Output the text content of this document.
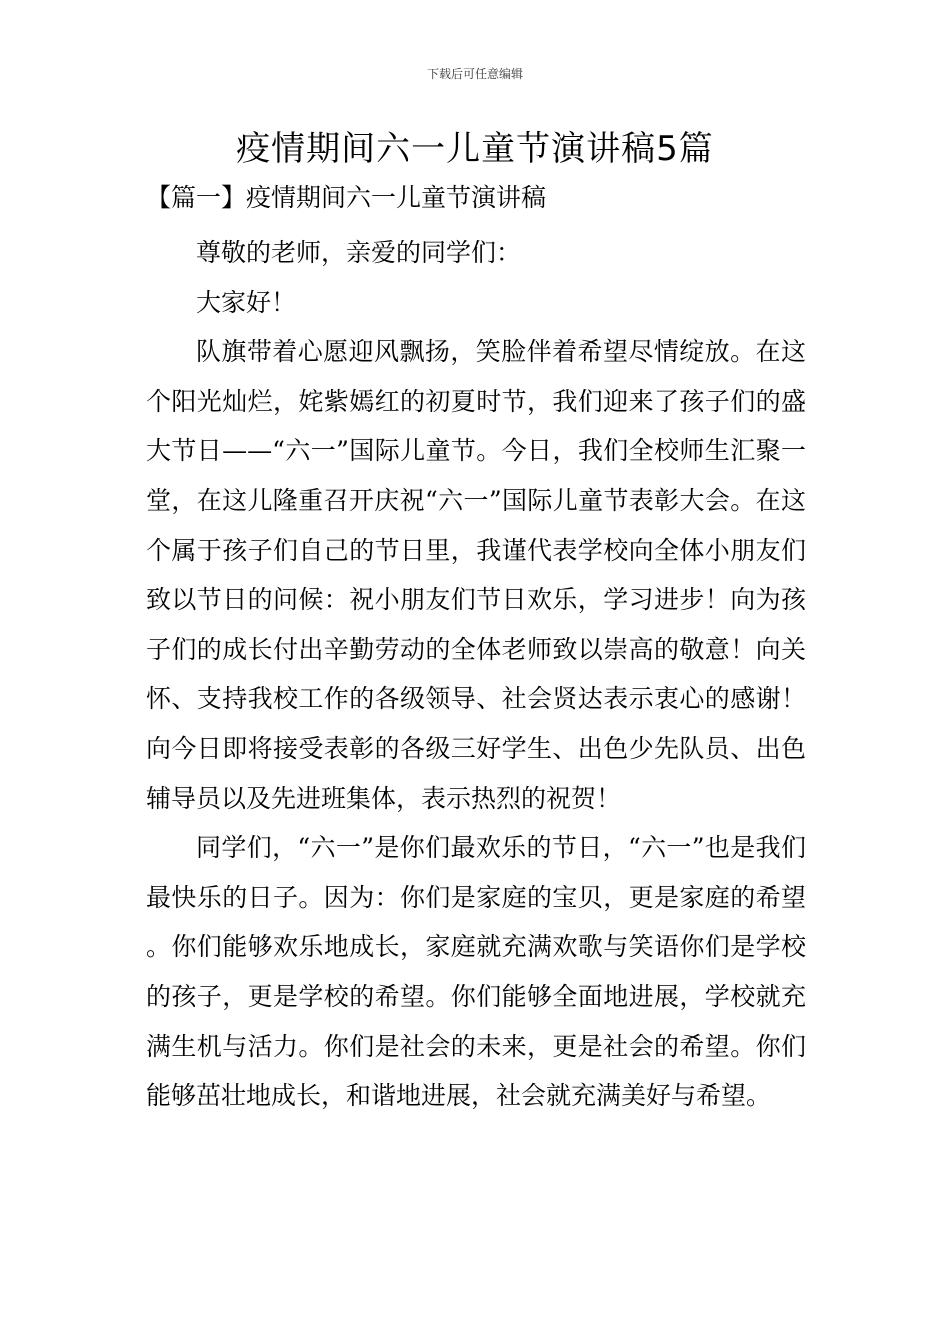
下载后可任意编辑
疫情期间六一儿童节演讲稿5篇
【篇一】疫情期间六一儿童节演讲稿

尊敬的老师，亲爱的同学们：

大家好！

队旗带着心愿迎风飘扬，笑脸伴着希望尽情绽放。在这个阳光灿烂，姹紫嫣红的初夏时节，我们迎来了孩子们的盛大节日——“六一”国际儿童节。今日，我们全校师生汇聚一堂，在这儿隆重召开庆祝“六一”国际儿童节表彰大会。在这个属于孩子们自己的节日里，我谨代表学校向全体小朋友们致以节日的问候：祝小朋友们节日欢乐，学习进步！向为孩子们的成长付出辛勤劳动的全体老师致以崇高的敬意！向关怀、支持我校工作的各级领导、社会贤达表示衷心的感谢！向今日即将接受表彰的各级三好学生、出色少先队员、出色辅导员以及先进班集体，表示热烈的祝贺！

同学们，“六一”是你们最欢乐的节日，“六一”也是我们最快乐的日子。因为：你们是家庭的宝贝，更是家庭的希望。你们能够欢乐地成长，家庭就充满欢歌与笑语你们是学校的孩子，更是学校的希望。你们能够全面地进展，学校就充满生机与活力。你们是社会的未来，更是社会的希望。你们能够茁壮地成长，和谐地进展，社会就充满美好与希望。
